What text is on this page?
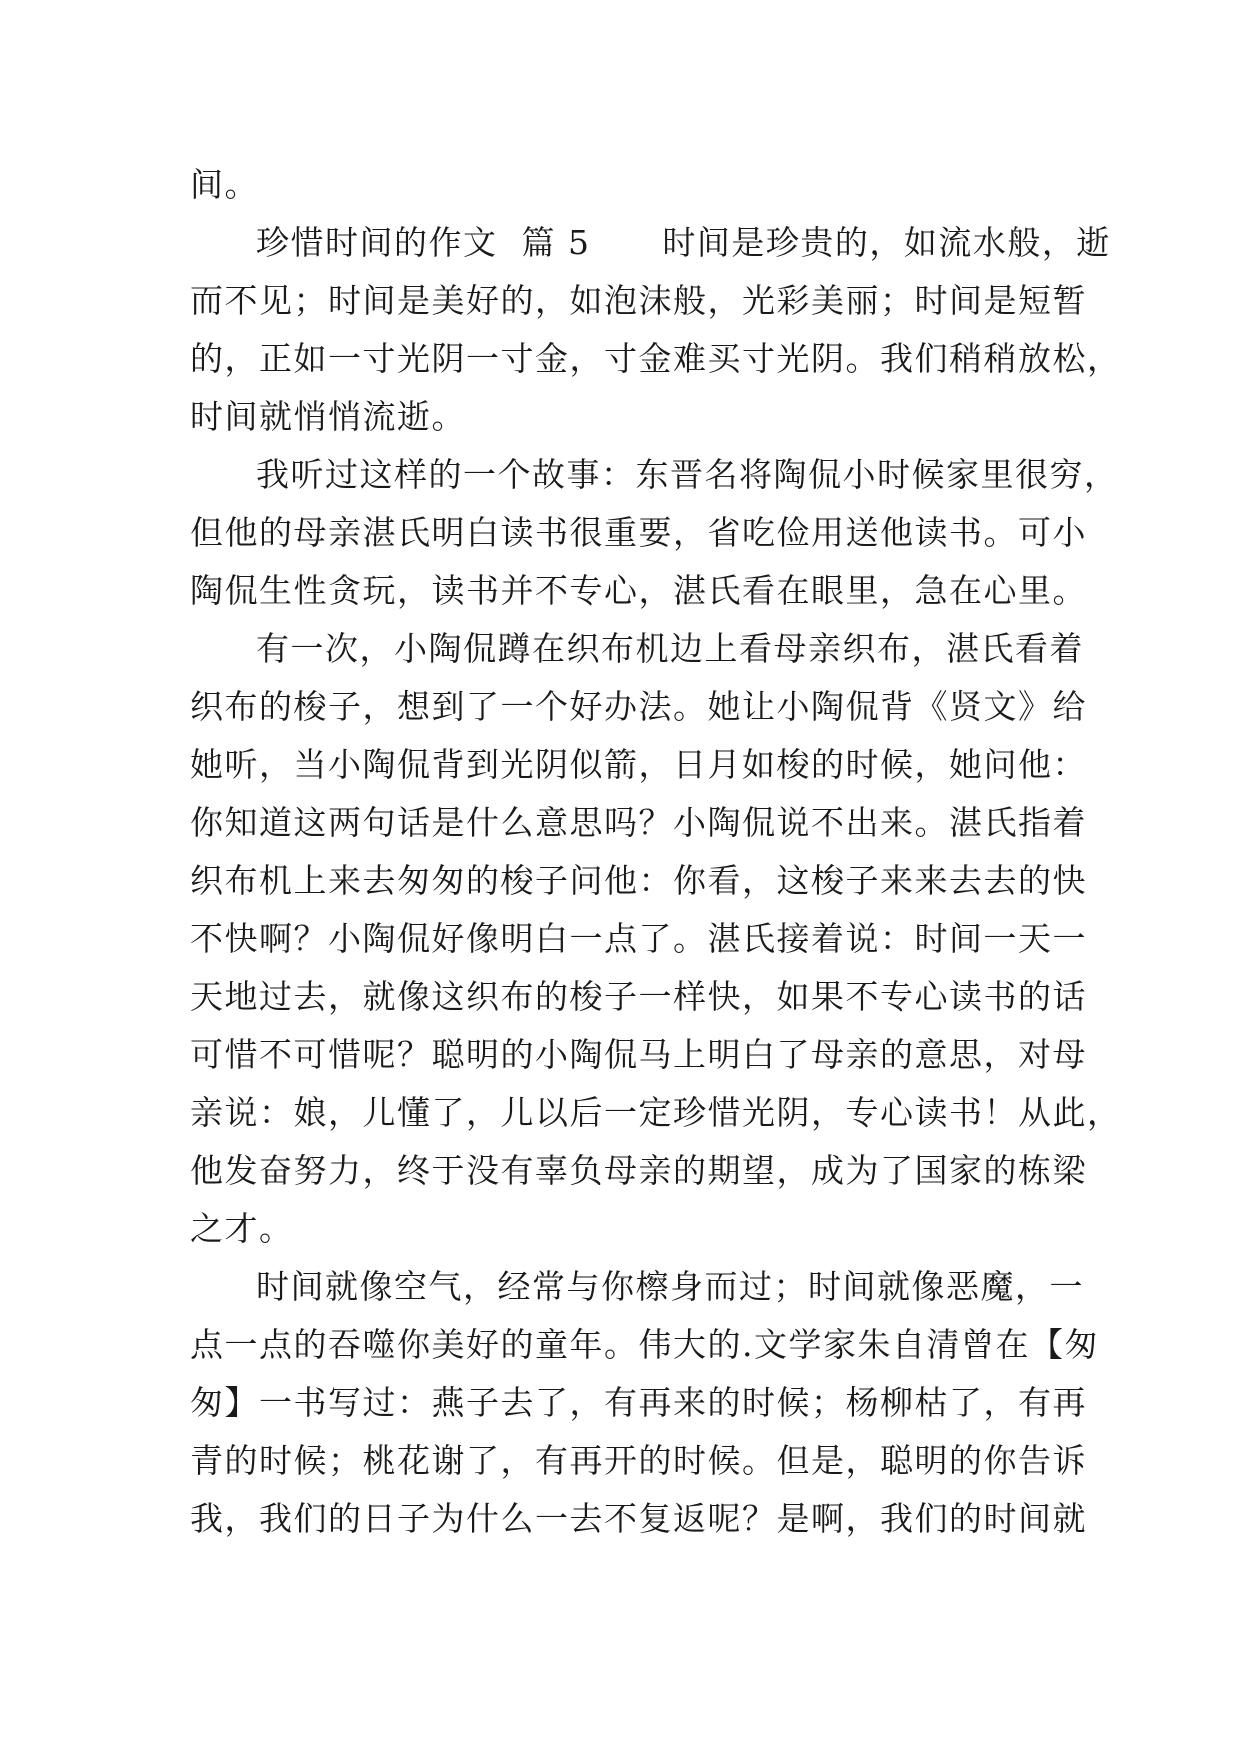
间。
珍惜时间的作文  篇 5      时间是珍贵的，如流水般，逝
而不见；时间是美好的，如泡沫般，光彩美丽；时间是短暂
的，正如一寸光阴一寸金，寸金难买寸光阴。我们稍稍放松，
时间就悄悄流逝。
我听过这样的一个故事：东晋名将陶侃小时候家里很穷，
但他的母亲湛氏明白读书很重要，省吃俭用送他读书。可小
陶侃生性贪玩，读书并不专心，湛氏看在眼里，急在心里。
有一次，小陶侃蹲在织布机边上看母亲织布，湛氏看着
织布的梭子，想到了一个好办法。她让小陶侃背《贤文》给
她听，当小陶侃背到光阴似箭，日月如梭的时候，她问他：
你知道这两句话是什么意思吗？小陶侃说不出来。湛氏指着
织布机上来去匆匆的梭子问他：你看，这梭子来来去去的快
不快啊？小陶侃好像明白一点了。湛氏接着说：时间一天一
天地过去，就像这织布的梭子一样快，如果不专心读书的话
可惜不可惜呢？聪明的小陶侃马上明白了母亲的意思，对母
亲说：娘，儿懂了，儿以后一定珍惜光阴，专心读书！从此，
他发奋努力，终于没有辜负母亲的期望，成为了国家的栋梁
之才。
时间就像空气，经常与你檫身而过；时间就像恶魔，一
点一点的吞噬你美好的童年。伟大的.文学家朱自清曾在【匆
匆】一书写过：燕子去了，有再来的时候；杨柳枯了，有再
青的时候；桃花谢了，有再开的时候。但是，聪明的你告诉
我，我们的日子为什么一去不复返呢？是啊，我们的时间就
